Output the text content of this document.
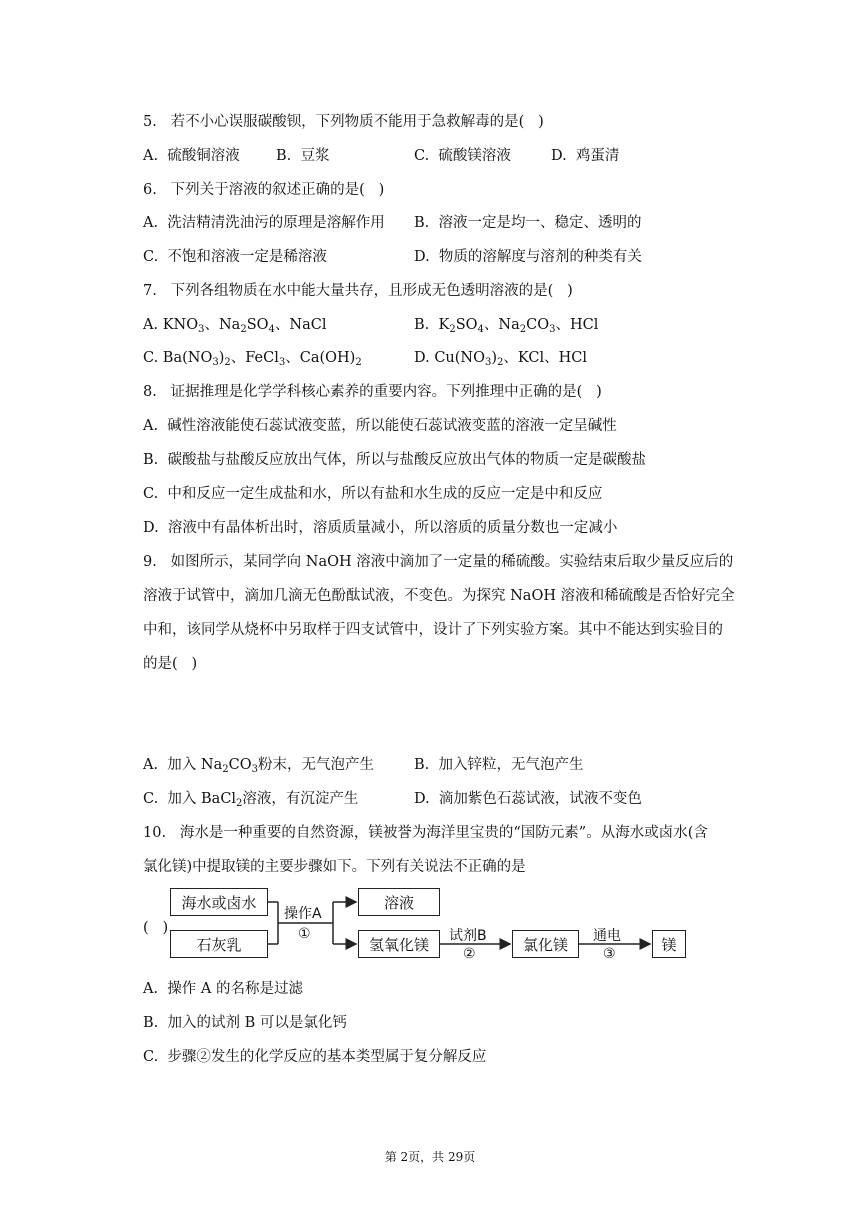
5.   若不小心误服碳酸钡，下列物质不能用于急救解毒的是(   )
A.  硫酸铜溶液 B.  豆浆	C.  硫酸镁溶液	D.  鸡蛋清
6.   下列关于溶液的叙述正确的是(   )
A.  洗洁精清洗油污的原理是溶解作用 B.  溶液一定是均一、稳定、透明的
C.  不饱和溶液一定是稀溶液	D.  物质的溶解度与溶剂的种类有关
7.   下列各组物质在水中能大量共存，且形成无色透明溶液的是(   )
A. $KNO_3$、$Na_2SO_4$、NaCl	B.  $K_2SO_4$、$Na_2CO_3$、HCl
C. $Ba(NO_3)_2$、FeCl$_3$、$Ca(OH)_2$	D. $Cu(NO_3)_2$、KCl、HCl
8.   证据推理是化学学科核心素养的重要内容。下列推理中正确的是(   )
A.  碱性溶液能使石蕊试液变蓝，所以能使石蕊试液变蓝的溶液一定呈碱性
B.  碳酸盐与盐酸反应放出气体，所以与盐酸反应放出气体的物质一定是碳酸盐
C.  中和反应一定生成盐和水，所以有盐和水生成的反应一定是中和反应
D.  溶液中有晶体析出时，溶质质量减小，所以溶质的质量分数也一定减小
9.   如图所示，某同学向 NaOH 溶液中滴加了一定量的稀硫酸。实验结束后取少量反应后的
溶液于试管中，滴加几滴无色酚酞试液，不变色。为探究 NaOH 溶液和稀硫酸是否恰好完全
中和，该同学从烧杯中另取样于四支试管中，设计了下列实验方案。其中不能达到实验目的
的是(   )
A.  加入 $Na_2CO_3$粉末，无气泡产生	B.  加入锌粒，无气泡产生
C.  加入 BaCl$_2$溶液，有沉淀产生	D.  滴加紫色石蕊试液，试液不变色
10.   海水是一种重要的自然资源，镁被誉为海洋里宝贵的“国防元素”。从海水或卤水(含
氯化镁)中提取镁的主要步骤如下。下列有关说法不正确的是
(   )
海水或卤水
石灰乳
操作A
①
溶液
氢氧化镁	试剂B
②
氯化镁	通电
③
镁
A.  操作 A 的名称是过滤
B.  加入的试剂 B 可以是氯化钙
C.  步骤②发生的化学反应的基本类型属于复分解反应
第 2页，共 29页
